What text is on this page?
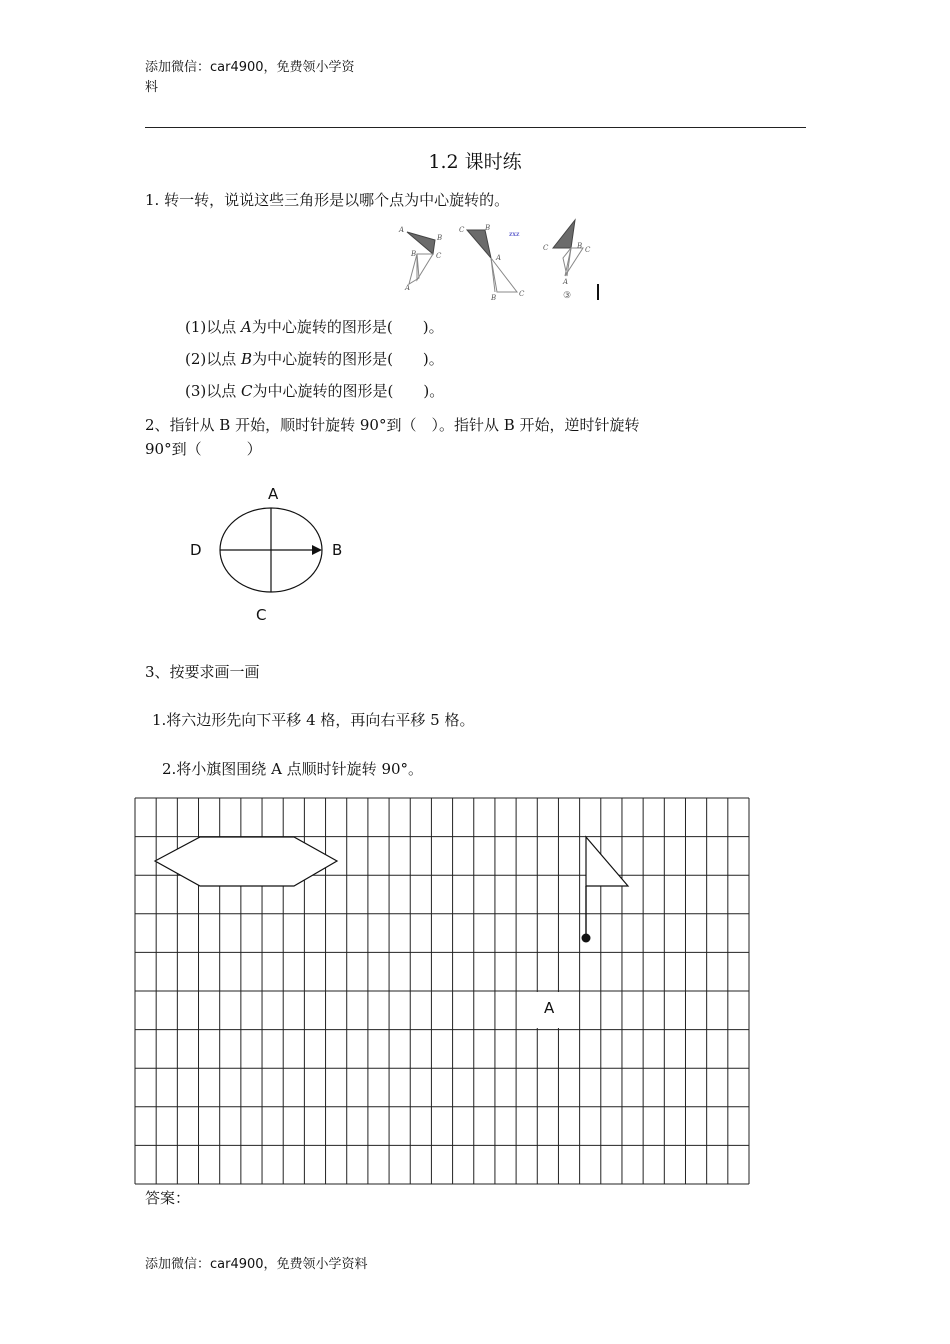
添加微信：car4900，免费领小学资
料
1.2 课时练
1. 转一转，说说这些三角形是以哪个点为中心旋转的。
A
B
C
B
A
C	B
A
B	C
zxz
C	B C
A
③
(1)以点 A为中心旋转的图形是(　　)。
(2)以点 B为中心旋转的图形是(　　)。
(3)以点 C为中心旋转的图形是(　　)。
2、指针从 B 开始，顺时针旋转 90°到（　）。指针从 B 开始，逆时针旋转
90°到（　　　）
A
B
C
D
3、按要求画一画
1.将六边形先向下平移 4 格，再向右平移 5 格。
2.将小旗图围绕 A 点顺时针旋转 90°。
A
答案：
添加微信：car4900，免费领小学资料
